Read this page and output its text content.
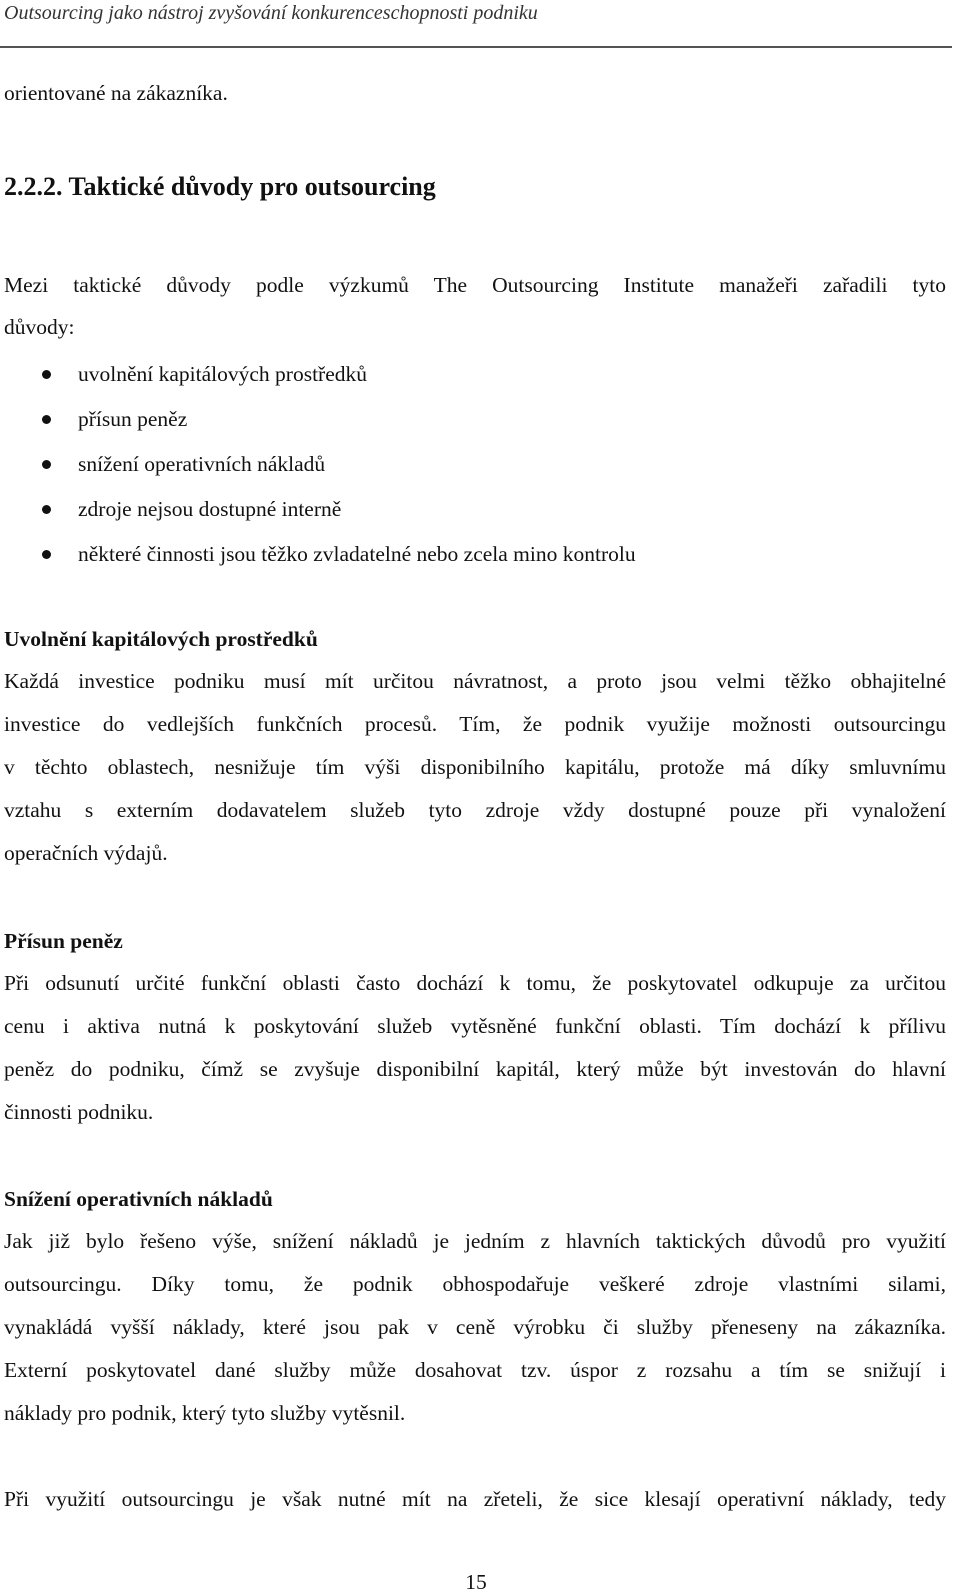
Outsourcing jako nástroj zvyšování konkurenceschopnosti podniku

orientované na zákazníka.

2.2.2. Taktické důvody pro outsourcing

Mezi taktické důvody podle výzkumů The Outsourcing Institute manažeři zařadili tyto

důvody:

uvolnění kapitálových prostředků
přísun peněz
snížení operativních nákladů
zdroje nejsou dostupné interně
některé činnosti jsou těžko zvladatelné nebo zcela mino kontrolu
Uvolnění kapitálových prostředků

Každá investice podniku musí mít určitou návratnost, a proto jsou velmi těžko obhajitelné

investice do vedlejších funkčních procesů. Tím, že podnik využije možnosti outsourcingu

v těchto oblastech, nesnižuje tím výši disponibilního kapitálu, protože má díky smluvnímu

vztahu s externím dodavatelem služeb tyto zdroje vždy dostupné pouze při vynaložení

operačních výdajů.

Přísun peněz

Při odsunutí určité funkční oblasti často dochází k tomu, že poskytovatel odkupuje za určitou

cenu i aktiva nutná k poskytování služeb vytěsněné funkční oblasti. Tím dochází k přílivu

peněz do podniku, čímž se zvyšuje disponibilní kapitál, který může být investován do hlavní

činnosti podniku.

Snížení operativních nákladů

Jak již bylo řešeno výše, snížení nákladů je jedním z hlavních taktických důvodů pro využití

outsourcingu. Díky tomu, že podnik obhospodařuje veškeré zdroje vlastními silami,

vynakládá vyšší náklady, které jsou pak v ceně výrobku či služby přeneseny na zákazníka.

Externí poskytovatel dané služby může dosahovat tzv. úspor z rozsahu a tím se snižují i

náklady pro podnik, který tyto služby vytěsnil.

Při využití outsourcingu je však nutné mít na zřeteli, že sice klesají operativní náklady, tedy

15
